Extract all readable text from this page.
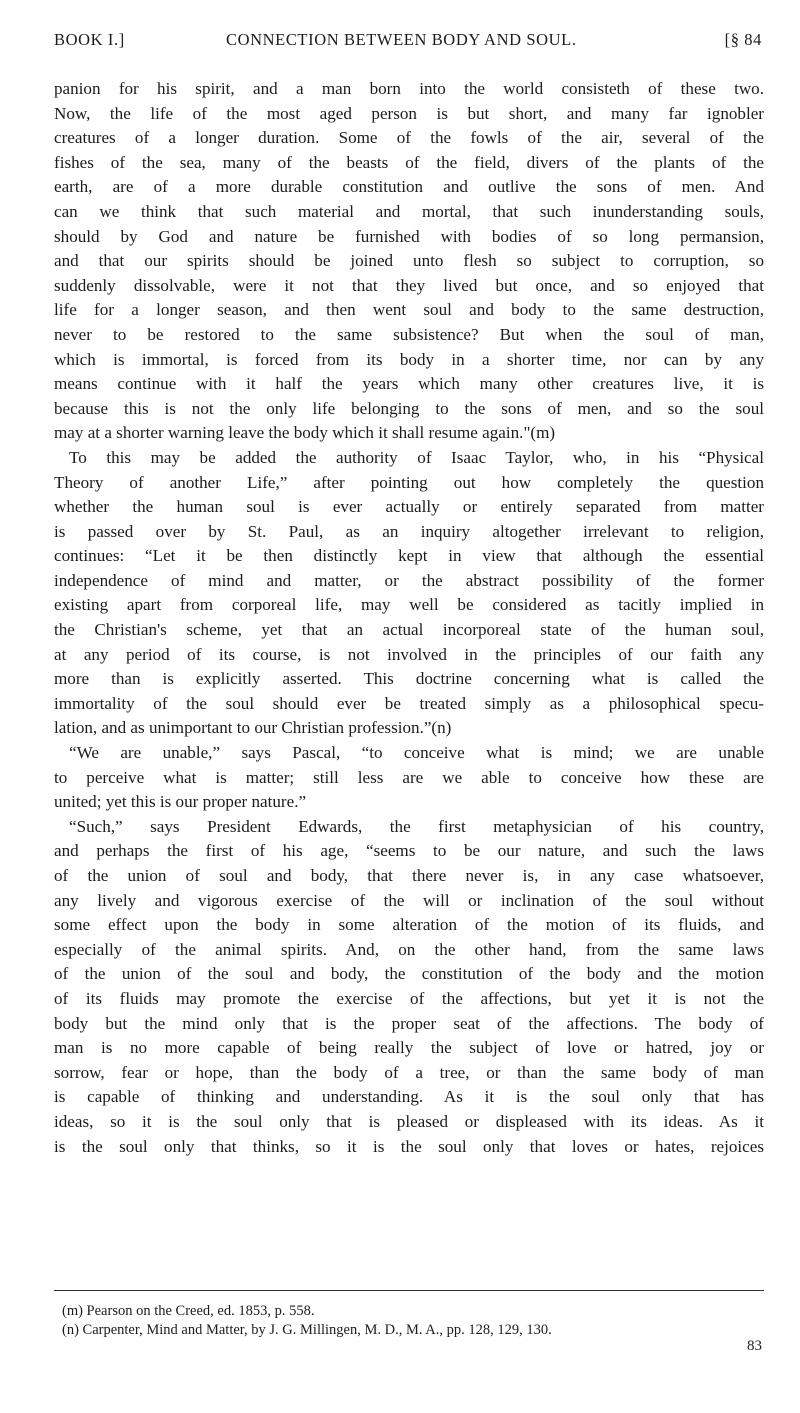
BOOK I.]	CONNECTION BETWEEN BODY AND SOUL.	[§ 84
panion for his spirit, and a man born into the world consisteth of these two.
Now, the life of the most aged person is but short, and many far ignobler
creatures of a longer duration. Some of the fowls of the air, several of the
fishes of the sea, many of the beasts of the field, divers of the plants of the
earth, are of a more durable constitution and outlive the sons of men. And
can we think that such material and mortal, that such inunderstanding souls,
should by God and nature be furnished with bodies of so long permansion,
and that our spirits should be joined unto flesh so subject to corruption, so
suddenly dissolvable, were it not that they lived but once, and so enjoyed that
life for a longer season, and then went soul and body to the same destruction,
never to be restored to the same subsistence? But when the soul of man,
which is immortal, is forced from its body in a shorter time, nor can by any
means continue with it half the years which many other creatures live, it is
because this is not the only life belonging to the sons of men, and so the soul
may at a shorter warning leave the body which it shall resume again."(m)
To this may be added the authority of Isaac Taylor, who, in his “Physical
Theory of another Life,” after pointing out how completely the question
whether the human soul is ever actually or entirely separated from matter
is passed over by St. Paul, as an inquiry altogether irrelevant to religion,
continues: “Let it be then distinctly kept in view that although the essential
independence of mind and matter, or the abstract possibility of the former
existing apart from corporeal life, may well be considered as tacitly implied in
the Christian's scheme, yet that an actual incorporeal state of the human soul,
at any period of its course, is not involved in the principles of our faith any
more than is explicitly asserted. This doctrine concerning what is called the
immortality of the soul should ever be treated simply as a philosophical specu-
lation, and as unimportant to our Christian profession.”(n)
“We are unable,” says Pascal, “to conceive what is mind; we are unable
to perceive what is matter; still less are we able to conceive how these are
united; yet this is our proper nature.”
“Such,” says President Edwards, the first metaphysician of his country,
and perhaps the first of his age, “seems to be our nature, and such the laws
of the union of soul and body, that there never is, in any case whatsoever,
any lively and vigorous exercise of the will or inclination of the soul without
some effect upon the body in some alteration of the motion of its fluids, and
especially of the animal spirits. And, on the other hand, from the same laws
of the union of the soul and body, the constitution of the body and the motion
of its fluids may promote the exercise of the affections, but yet it is not the
body but the mind only that is the proper seat of the affections. The body of
man is no more capable of being really the subject of love or hatred, joy or
sorrow, fear or hope, than the body of a tree, or than the same body of man
is capable of thinking and understanding. As it is the soul only that has
ideas, so it is the soul only that is pleased or displeased with its ideas. As it
is the soul only that thinks, so it is the soul only that loves or hates, rejoices
(m) Pearson on the Creed, ed. 1853, p. 558.
(n) Carpenter, Mind and Matter, by J. G. Millingen, M. D., M. A., pp. 128, 129, 130.
83
